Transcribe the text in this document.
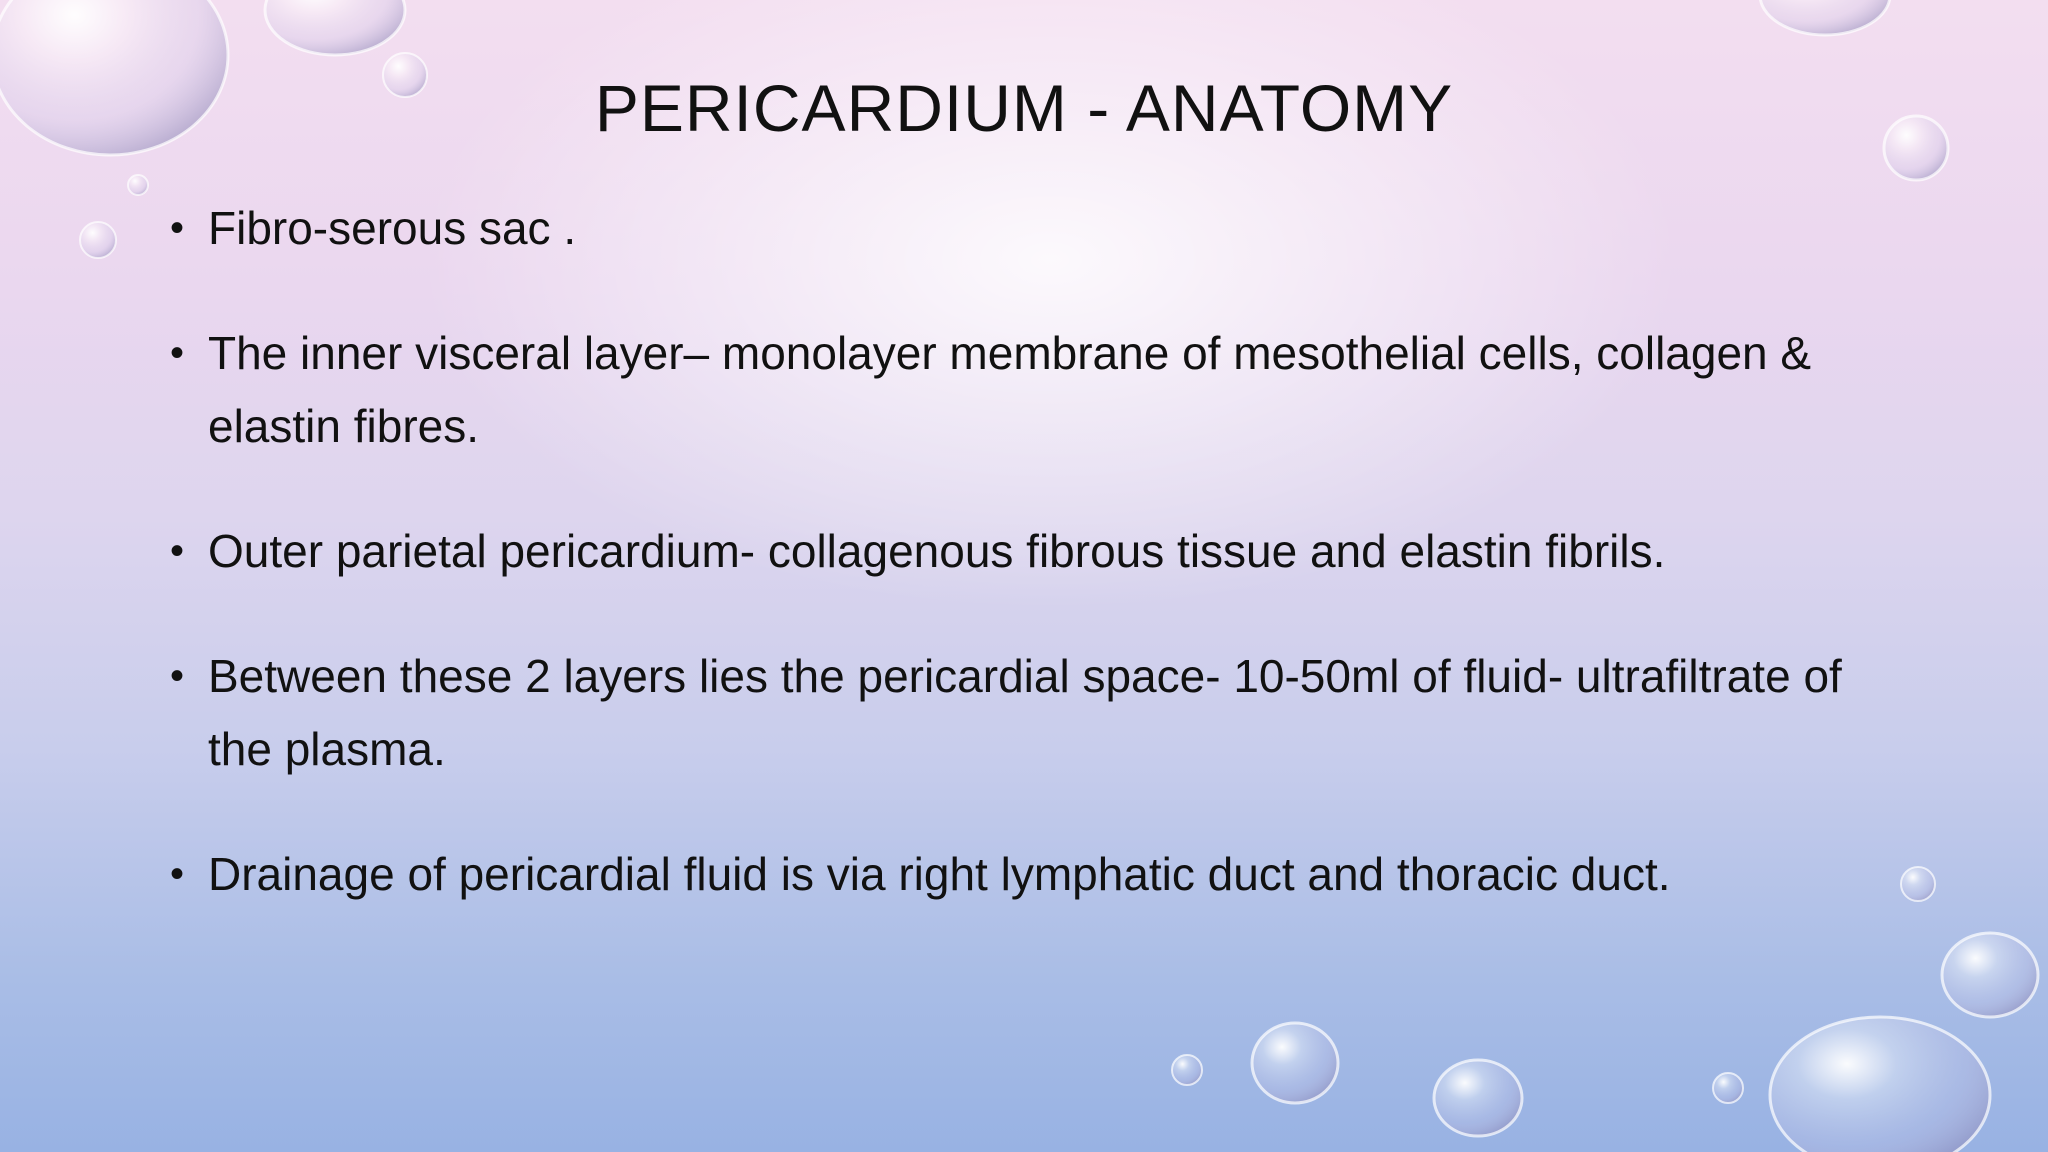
PERICARDIUM - ANATOMY
• Fibro-serous sac .
• The inner visceral layer– monolayer membrane of mesothelial cells, collagen & elastin fibres.
• Outer parietal pericardium- collagenous fibrous tissue and elastin fibrils.
• Between these 2 layers lies the pericardial space- 10-50ml of fluid- ultrafiltrate of the plasma.
• Drainage of pericardial fluid is via right lymphatic duct and thoracic duct.
